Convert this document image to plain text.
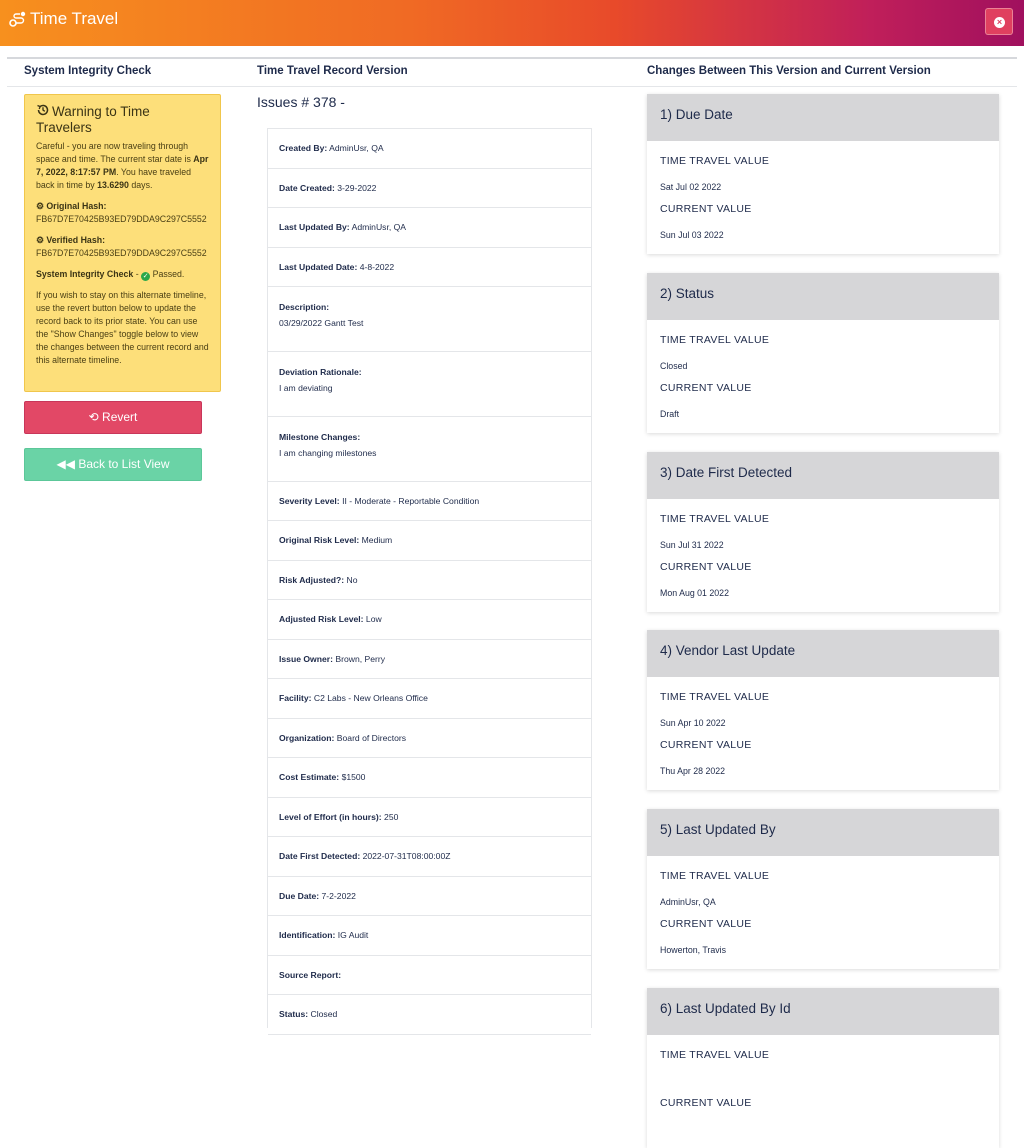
Time Travel	×
System Integrity Check	Time Travel Record Version	Changes Between This Version and Current Version
Warning to Time Travelers

Careful - you are now traveling through space and time. The current star date is Apr 7, 2022, 8:17:57 PM. You have traveled back in time by 13.6290 days.

⚙ Original Hash:
FB67D7E70425B93ED79DDA9C297C5552

⚙ Verified Hash:
FB67D7E70425B93ED79DDA9C297C5552

System Integrity Check - ✓ Passed.

If you wish to stay on this alternate timeline, use the revert button below to update the record back to its prior state. You can use the "Show Changes" toggle below to view the changes between the current record and this alternate timeline.

⟲ Revert
◀◀ Back to List View
Issues # 378 -
Created By: AdminUsr, QA
Date Created: 3-29-2022
Last Updated By: AdminUsr, QA
Last Updated Date: 4-8-2022
Description:
03/29/2022 Gantt Test
Deviation Rationale:
I am deviating
Milestone Changes:
I am changing milestones
Severity Level: II - Moderate - Reportable Condition
Original Risk Level: Medium
Risk Adjusted?: No
Adjusted Risk Level: Low
Issue Owner: Brown, Perry
Facility: C2 Labs - New Orleans Office
Organization: Board of Directors
Cost Estimate: $1500
Level of Effort (in hours): 250
Date First Detected: 2022-07-31T08:00:00Z
Due Date: 7-2-2022
Identification: IG Audit
Source Report:
Status: Closed
1) Due Date
TIME TRAVEL VALUE
Sat Jul 02 2022
CURRENT VALUE
Sun Jul 03 2022
2) Status
TIME TRAVEL VALUE
Closed
CURRENT VALUE
Draft
3) Date First Detected
TIME TRAVEL VALUE
Sun Jul 31 2022
CURRENT VALUE
Mon Aug 01 2022
4) Vendor Last Update
TIME TRAVEL VALUE
Sun Apr 10 2022
CURRENT VALUE
Thu Apr 28 2022
5) Last Updated By
TIME TRAVEL VALUE
AdminUsr, QA
CURRENT VALUE
Howerton, Travis
6) Last Updated By Id
TIME TRAVEL VALUE
CURRENT VALUE
